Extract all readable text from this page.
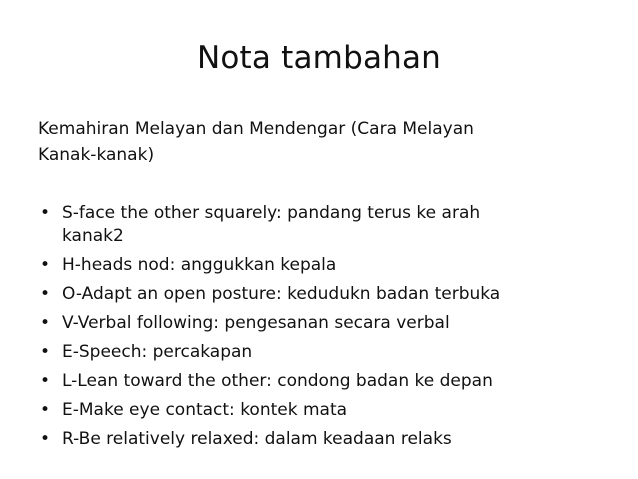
Nota tambahan
Kemahiran Melayan dan Mendengar (Cara Melayan
Kanak-kanak)
• S-face the other squarely: pandang terus ke arah
kanak2
• H-heads nod: anggukkan kepala
• O-Adapt an open posture: kedudukn badan terbuka
• V-Verbal following: pengesanan secara verbal
• E-Speech: percakapan
• L-Lean toward the other: condong badan ke depan
• E-Make eye contact: kontek mata
• R-Be relatively relaxed: dalam keadaan relaks
